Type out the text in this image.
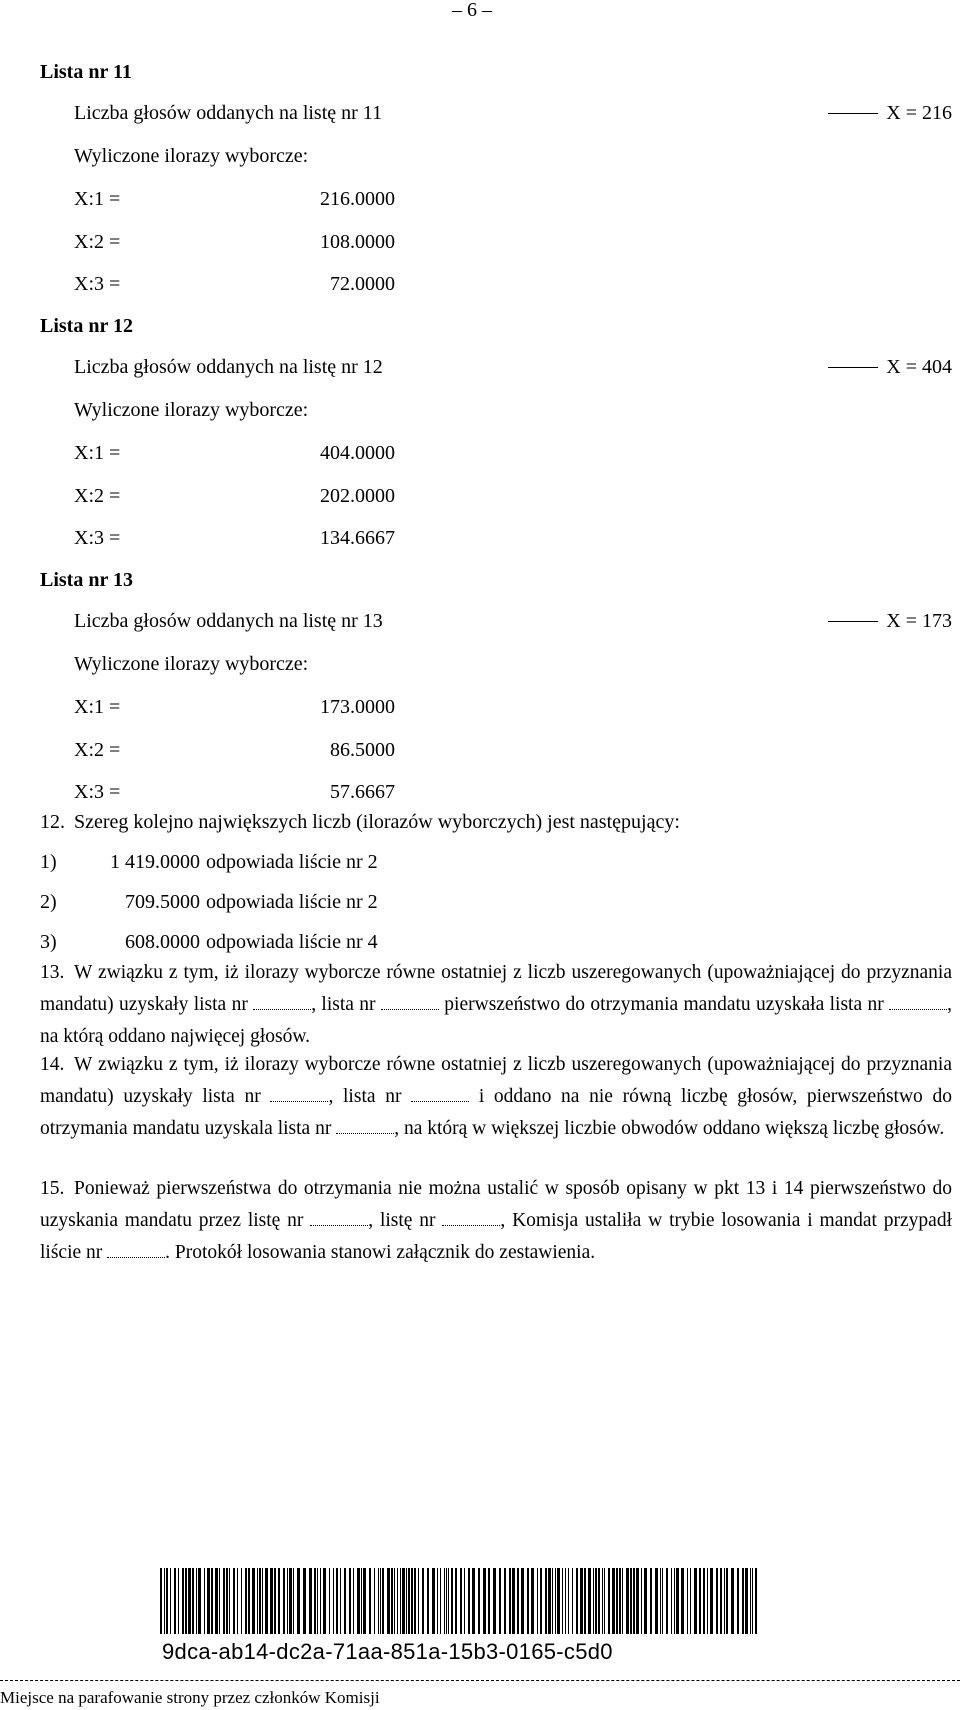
– 6 –
Lista nr 11
Liczba głosów oddanych na listę nr 11	X = 216
Wyliczone ilorazy wyborcze:
X:1 =	216.0000
X:2 =	108.0000
X:3 =	72.0000
Lista nr 12
Liczba głosów oddanych na listę nr 12	X = 404
Wyliczone ilorazy wyborcze:
X:1 =	404.0000
X:2 =	202.0000
X:3 =	134.6667
Lista nr 13
Liczba głosów oddanych na listę nr 13	X = 173
Wyliczone ilorazy wyborcze:
X:1 =	173.0000
X:2 =	86.5000
X:3 =	57.6667
12. Szereg kolejno największych liczb (ilorazów wyborczych) jest następujący:
1)	1 419.0000 odpowiada liście nr 2
2)	709.5000 odpowiada liście nr 2
3)	608.0000 odpowiada liście nr 4
13. W związku z tym, iż ilorazy wyborcze równe ostatniej z liczb uszeregowanych (upoważniającej do przyznania mandatu) uzyskały lista nr	, lista nr	pierwszeństwo do otrzymania mandatu uzyskała lista nr	, na którą oddano najwięcej głosów.
14. W związku z tym, iż ilorazy wyborcze równe ostatniej z liczb uszeregowanych (upoważniającej do przyznania mandatu) uzyskały lista nr	, lista nr	i oddano na nie równą liczbę głosów, pierwszeństwo do otrzymania mandatu uzyskala lista nr	, na którą w większej liczbie obwodów oddano większą liczbę głosów.
15. Ponieważ pierwszeństwa do otrzymania nie można ustalić w sposób opisany w pkt 13 i 14 pierwszeństwo do uzyskania mandatu przez listę nr	, listę nr	, Komisja ustaliła w trybie losowania i mandat przypadł liście nr	. Protokół losowania stanowi załącznik do zestawienia.
9dca-ab14-dc2a-71aa-851a-15b3-0165-c5d0
Miejsce na parafowanie strony przez członków Komisji
